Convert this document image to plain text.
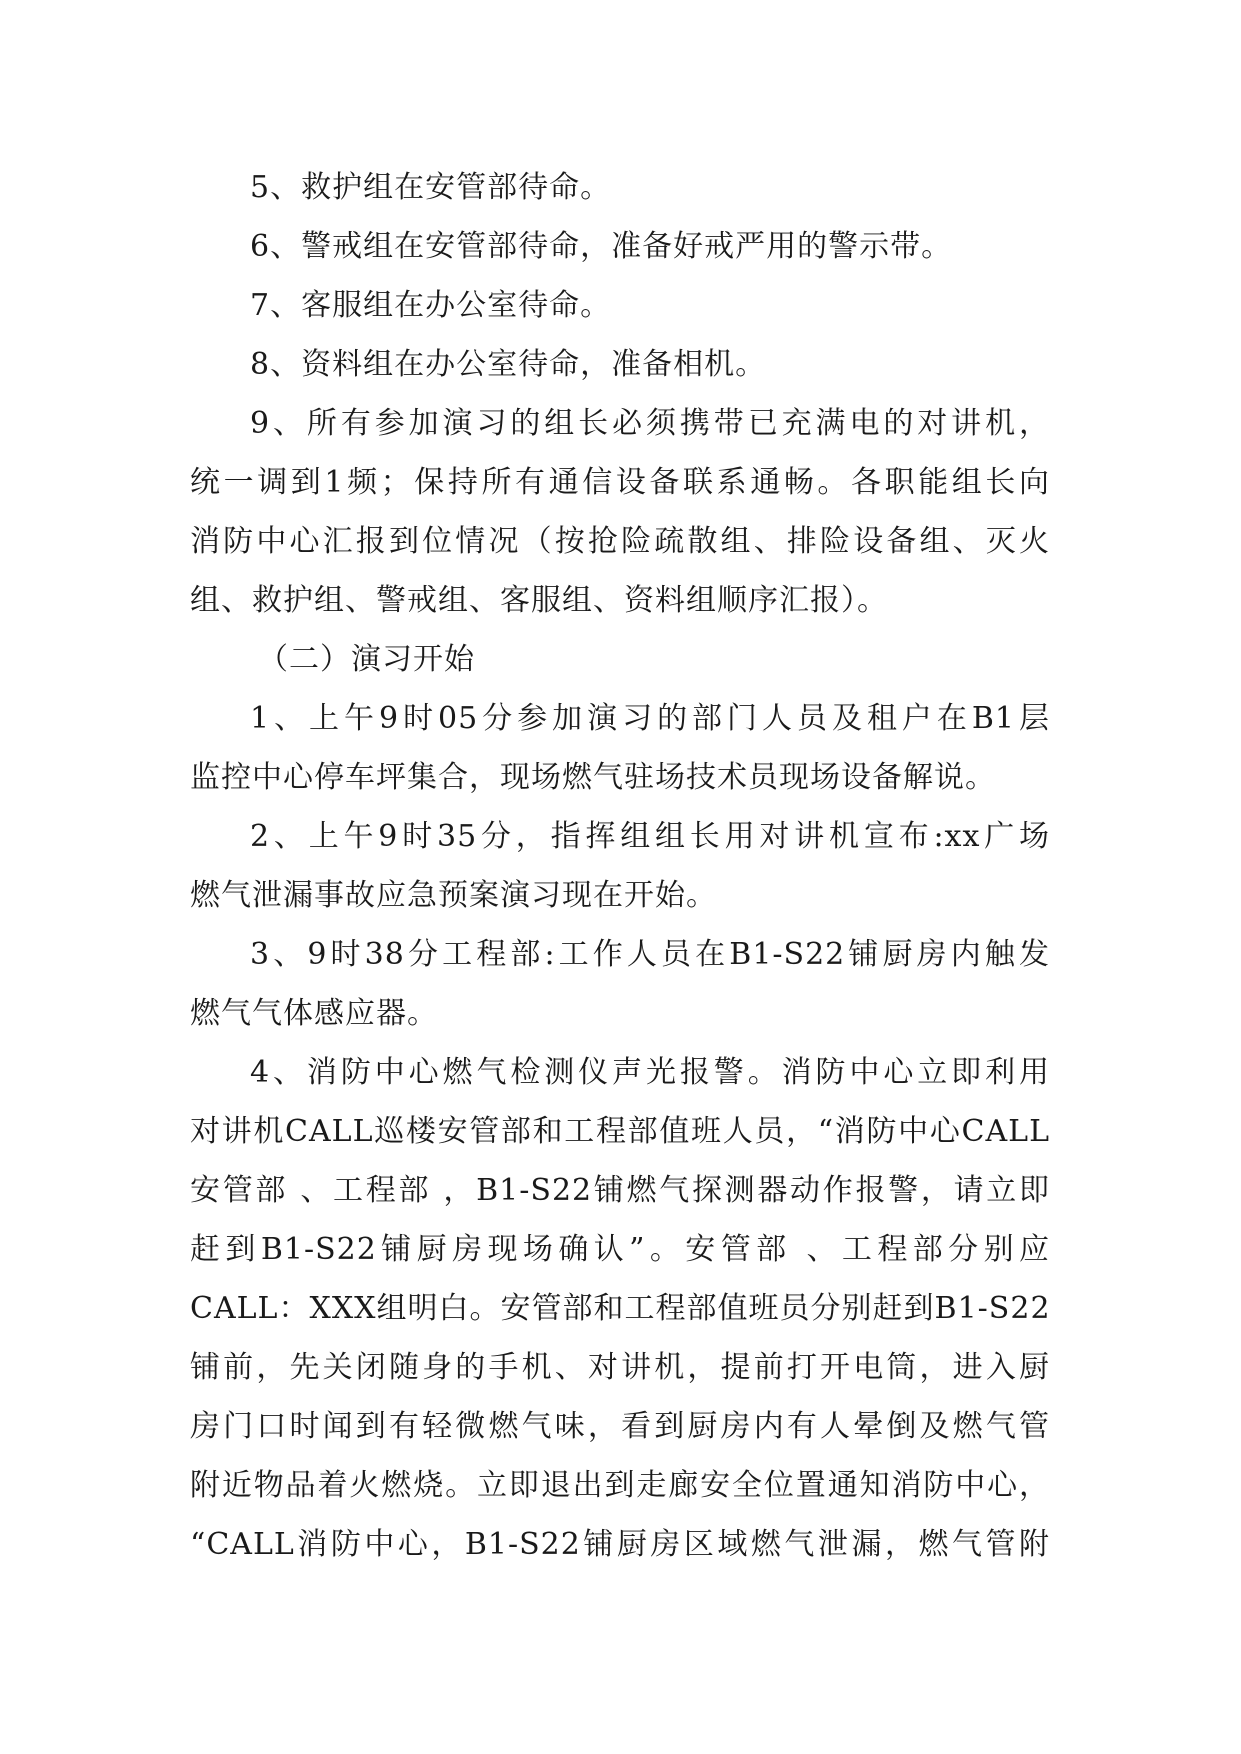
5、救护组在安管部待命。
6、警戒组在安管部待命，准备好戒严用的警示带。
7、客服组在办公室待命。
8、资料组在办公室待命，准备相机。
9、所有参加演习的组长必须携带已充满电的对讲机，
统一调到1频；保持所有通信设备联系通畅。各职能组长向
消防中心汇报到位情况（按抢险疏散组、排险设备组、灭火
组、救护组、警戒组、客服组、资料组顺序汇报）。
（二）演习开始
1、上午9时05分参加演习的部门人员及租户在B1层
监控中心停车坪集合，现场燃气驻场技术员现场设备解说。
2、上午9时35分，指挥组组长用对讲机宣布:xx广场
燃气泄漏事故应急预案演习现在开始。
3、9时38分工程部:工作人员在B1-S22铺厨房内触发
燃气气体感应器。
4、消防中心燃气检测仪声光报警。消防中心立即利用
对讲机CALL巡楼安管部和工程部值班人员，“消防中心CALL
安管部 、工程部 ，B1-S22铺燃气探测器动作报警，请立即
赶到B1-S22铺厨房现场确认”。安管部 、工程部分别应
CALL：XXX组明白。安管部和工程部值班员分别赶到B1-S22
铺前，先关闭随身的手机、对讲机，提前打开电筒，进入厨
房门口时闻到有轻微燃气味，看到厨房内有人晕倒及燃气管
附近物品着火燃烧。立即退出到走廊安全位置通知消防中心，
“CALL消防中心，B1-S22铺厨房区域燃气泄漏，燃气管附
